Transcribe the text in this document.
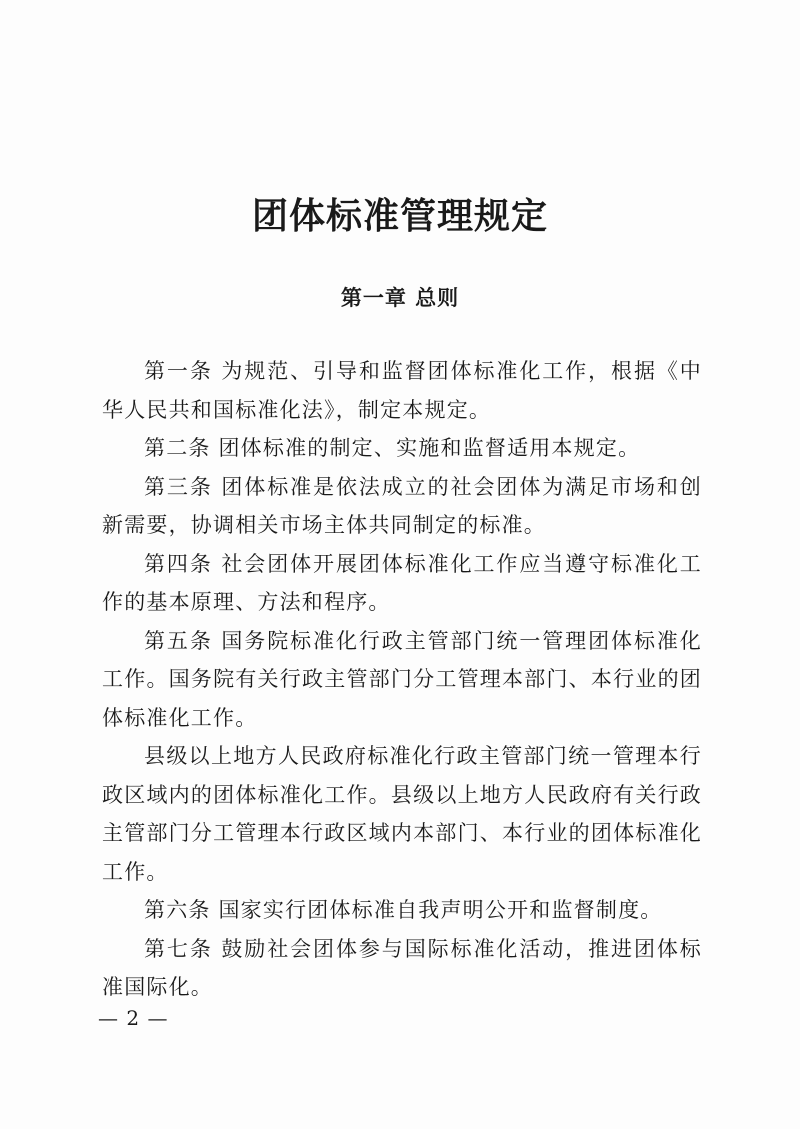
团体标准管理规定
第一章 总则

第一条 为规范、引导和监督团体标准化工作，根据《中华人民共和国标准化法》，制定本规定。

第二条 团体标准的制定、实施和监督适用本规定。

第三条 团体标准是依法成立的社会团体为满足市场和创新需要，协调相关市场主体共同制定的标准。

第四条 社会团体开展团体标准化工作应当遵守标准化工作的基本原理、方法和程序。

第五条 国务院标准化行政主管部门统一管理团体标准化工作。国务院有关行政主管部门分工管理本部门、本行业的团体标准化工作。

县级以上地方人民政府标准化行政主管部门统一管理本行政区域内的团体标准化工作。县级以上地方人民政府有关行政主管部门分工管理本行政区域内本部门、本行业的团体标准化工作。

第六条 国家实行团体标准自我声明公开和监督制度。

第七条 鼓励社会团体参与国际标准化活动，推进团体标准国际化。

— 2 —
